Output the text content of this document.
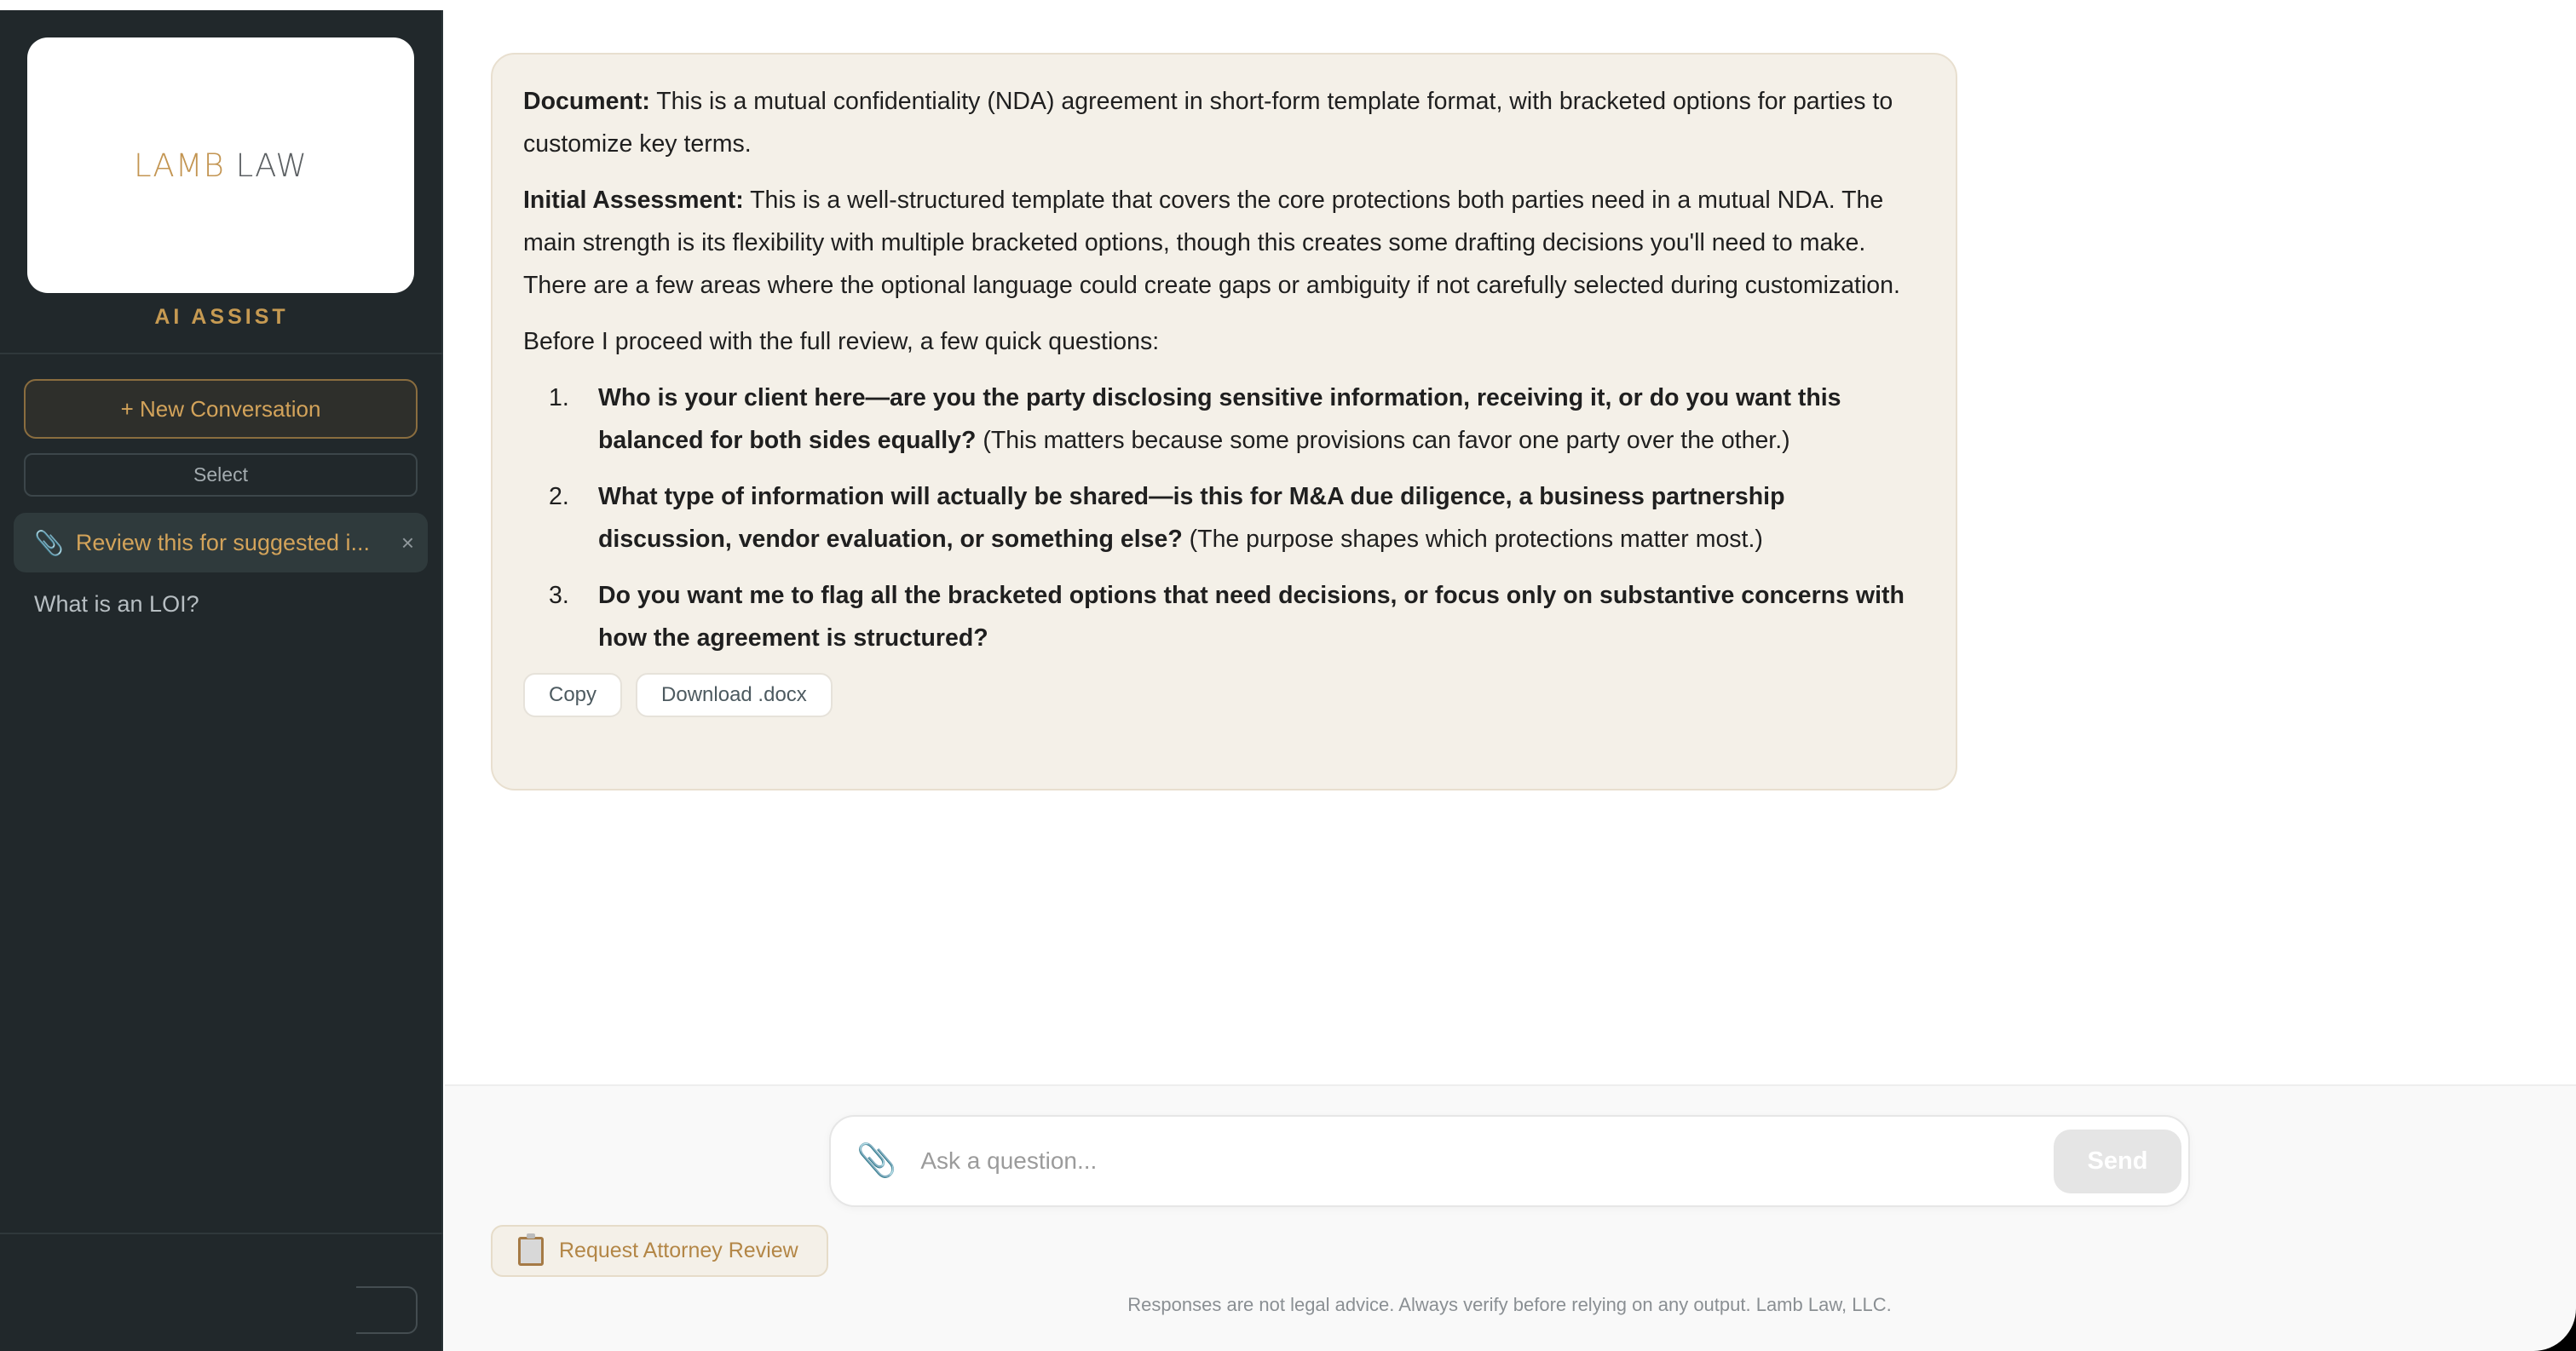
LAMB LAW
AI ASSIST
+ New Conversation
Select
📎 Review this for suggested i...	×
What is an LOI?

Document: This is a mutual confidentiality (NDA) agreement in short-form template format, with bracketed options for parties to customize key terms.

Initial Assessment: This is a well-structured template that covers the core protections both parties need in a mutual NDA. The main strength is its flexibility with multiple bracketed options, though this creates some drafting decisions you'll need to make. There are a few areas where the optional language could create gaps or ambiguity if not carefully selected during customization.

Before I proceed with the full review, a few quick questions:

1. Who is your client here—are you the party disclosing sensitive information, receiving it, or do you want this balanced for both sides equally? (This matters because some provisions can favor one party over the other.)
2. What type of information will actually be shared—is this for M&A due diligence, a business partnership discussion, vendor evaluation, or something else? (The purpose shapes which protections matter most.)
3. Do you want me to flag all the bracketed options that need decisions, or focus only on substantive concerns with how the agreement is structured?
Copy	Download .docx
📎
Ask a question...	Send
Request Attorney Review
Responses are not legal advice. Always verify before relying on any output. Lamb Law, LLC.
